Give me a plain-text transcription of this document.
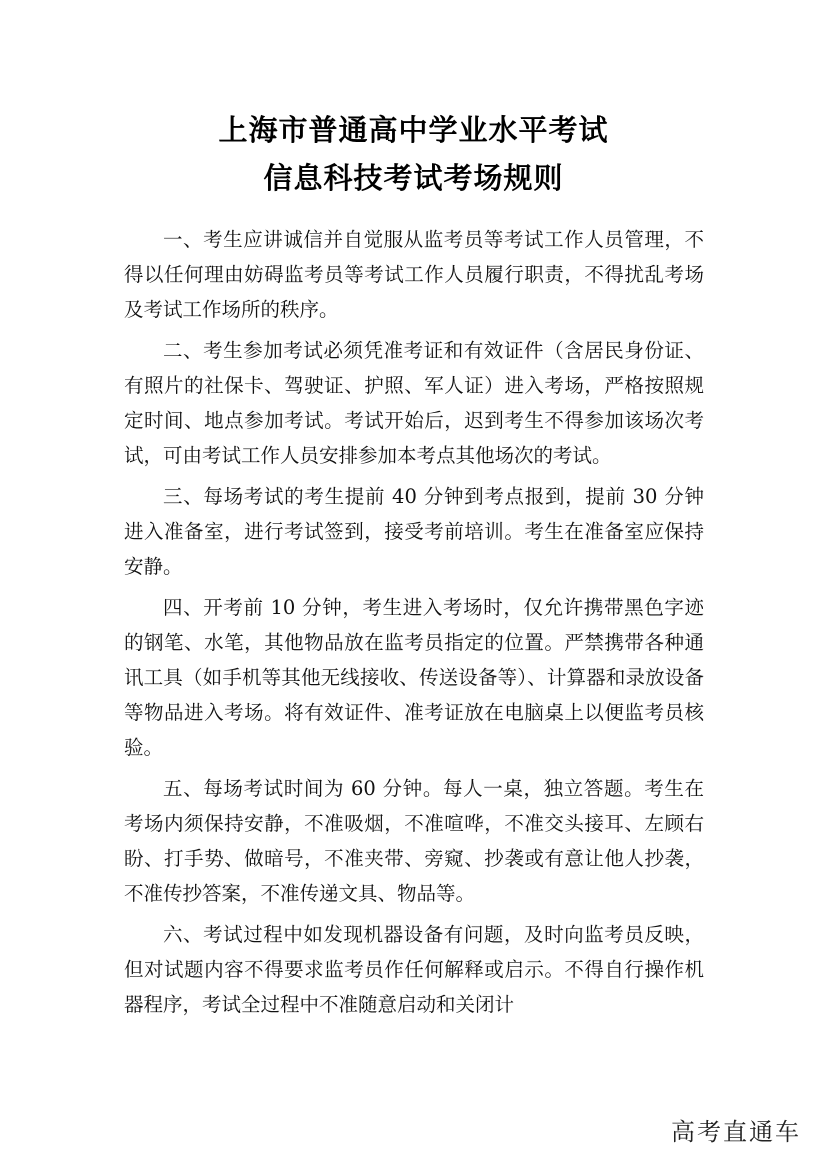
上海市普通高中学业水平考试
信息科技考试考场规则

一、考生应讲诚信并自觉服从监考员等考试工作人员管理，不得以任何理由妨碍监考员等考试工作人员履行职责，不得扰乱考场及考试工作场所的秩序。

二、考生参加考试必须凭准考证和有效证件（含居民身份证、有照片的社保卡、驾驶证、护照、军人证）进入考场，严格按照规定时间、地点参加考试。考试开始后，迟到考生不得参加该场次考试，可由考试工作人员安排参加本考点其他场次的考试。

三、每场考试的考生提前 40 分钟到考点报到，提前 30 分钟进入准备室，进行考试签到，接受考前培训。考生在准备室应保持安静。

四、开考前 10 分钟，考生进入考场时，仅允许携带黑色字迹的钢笔、水笔，其他物品放在监考员指定的位置。严禁携带各种通讯工具（如手机等其他无线接收、传送设备等）、计算器和录放设备等物品进入考场。将有效证件、准考证放在电脑桌上以便监考员核验。

五、每场考试时间为 60 分钟。每人一桌，独立答题。考生在考场内须保持安静，不准吸烟，不准喧哗，不准交头接耳、左顾右盼、打手势、做暗号，不准夹带、旁窥、抄袭或有意让他人抄袭，不准传抄答案，不准传递文具、物品等。

六、考试过程中如发现机器设备有问题，及时向监考员反映，但对试题内容不得要求监考员作任何解释或启示。不得自行操作机器程序，考试全过程中不准随意启动和关闭计

高考直通车
